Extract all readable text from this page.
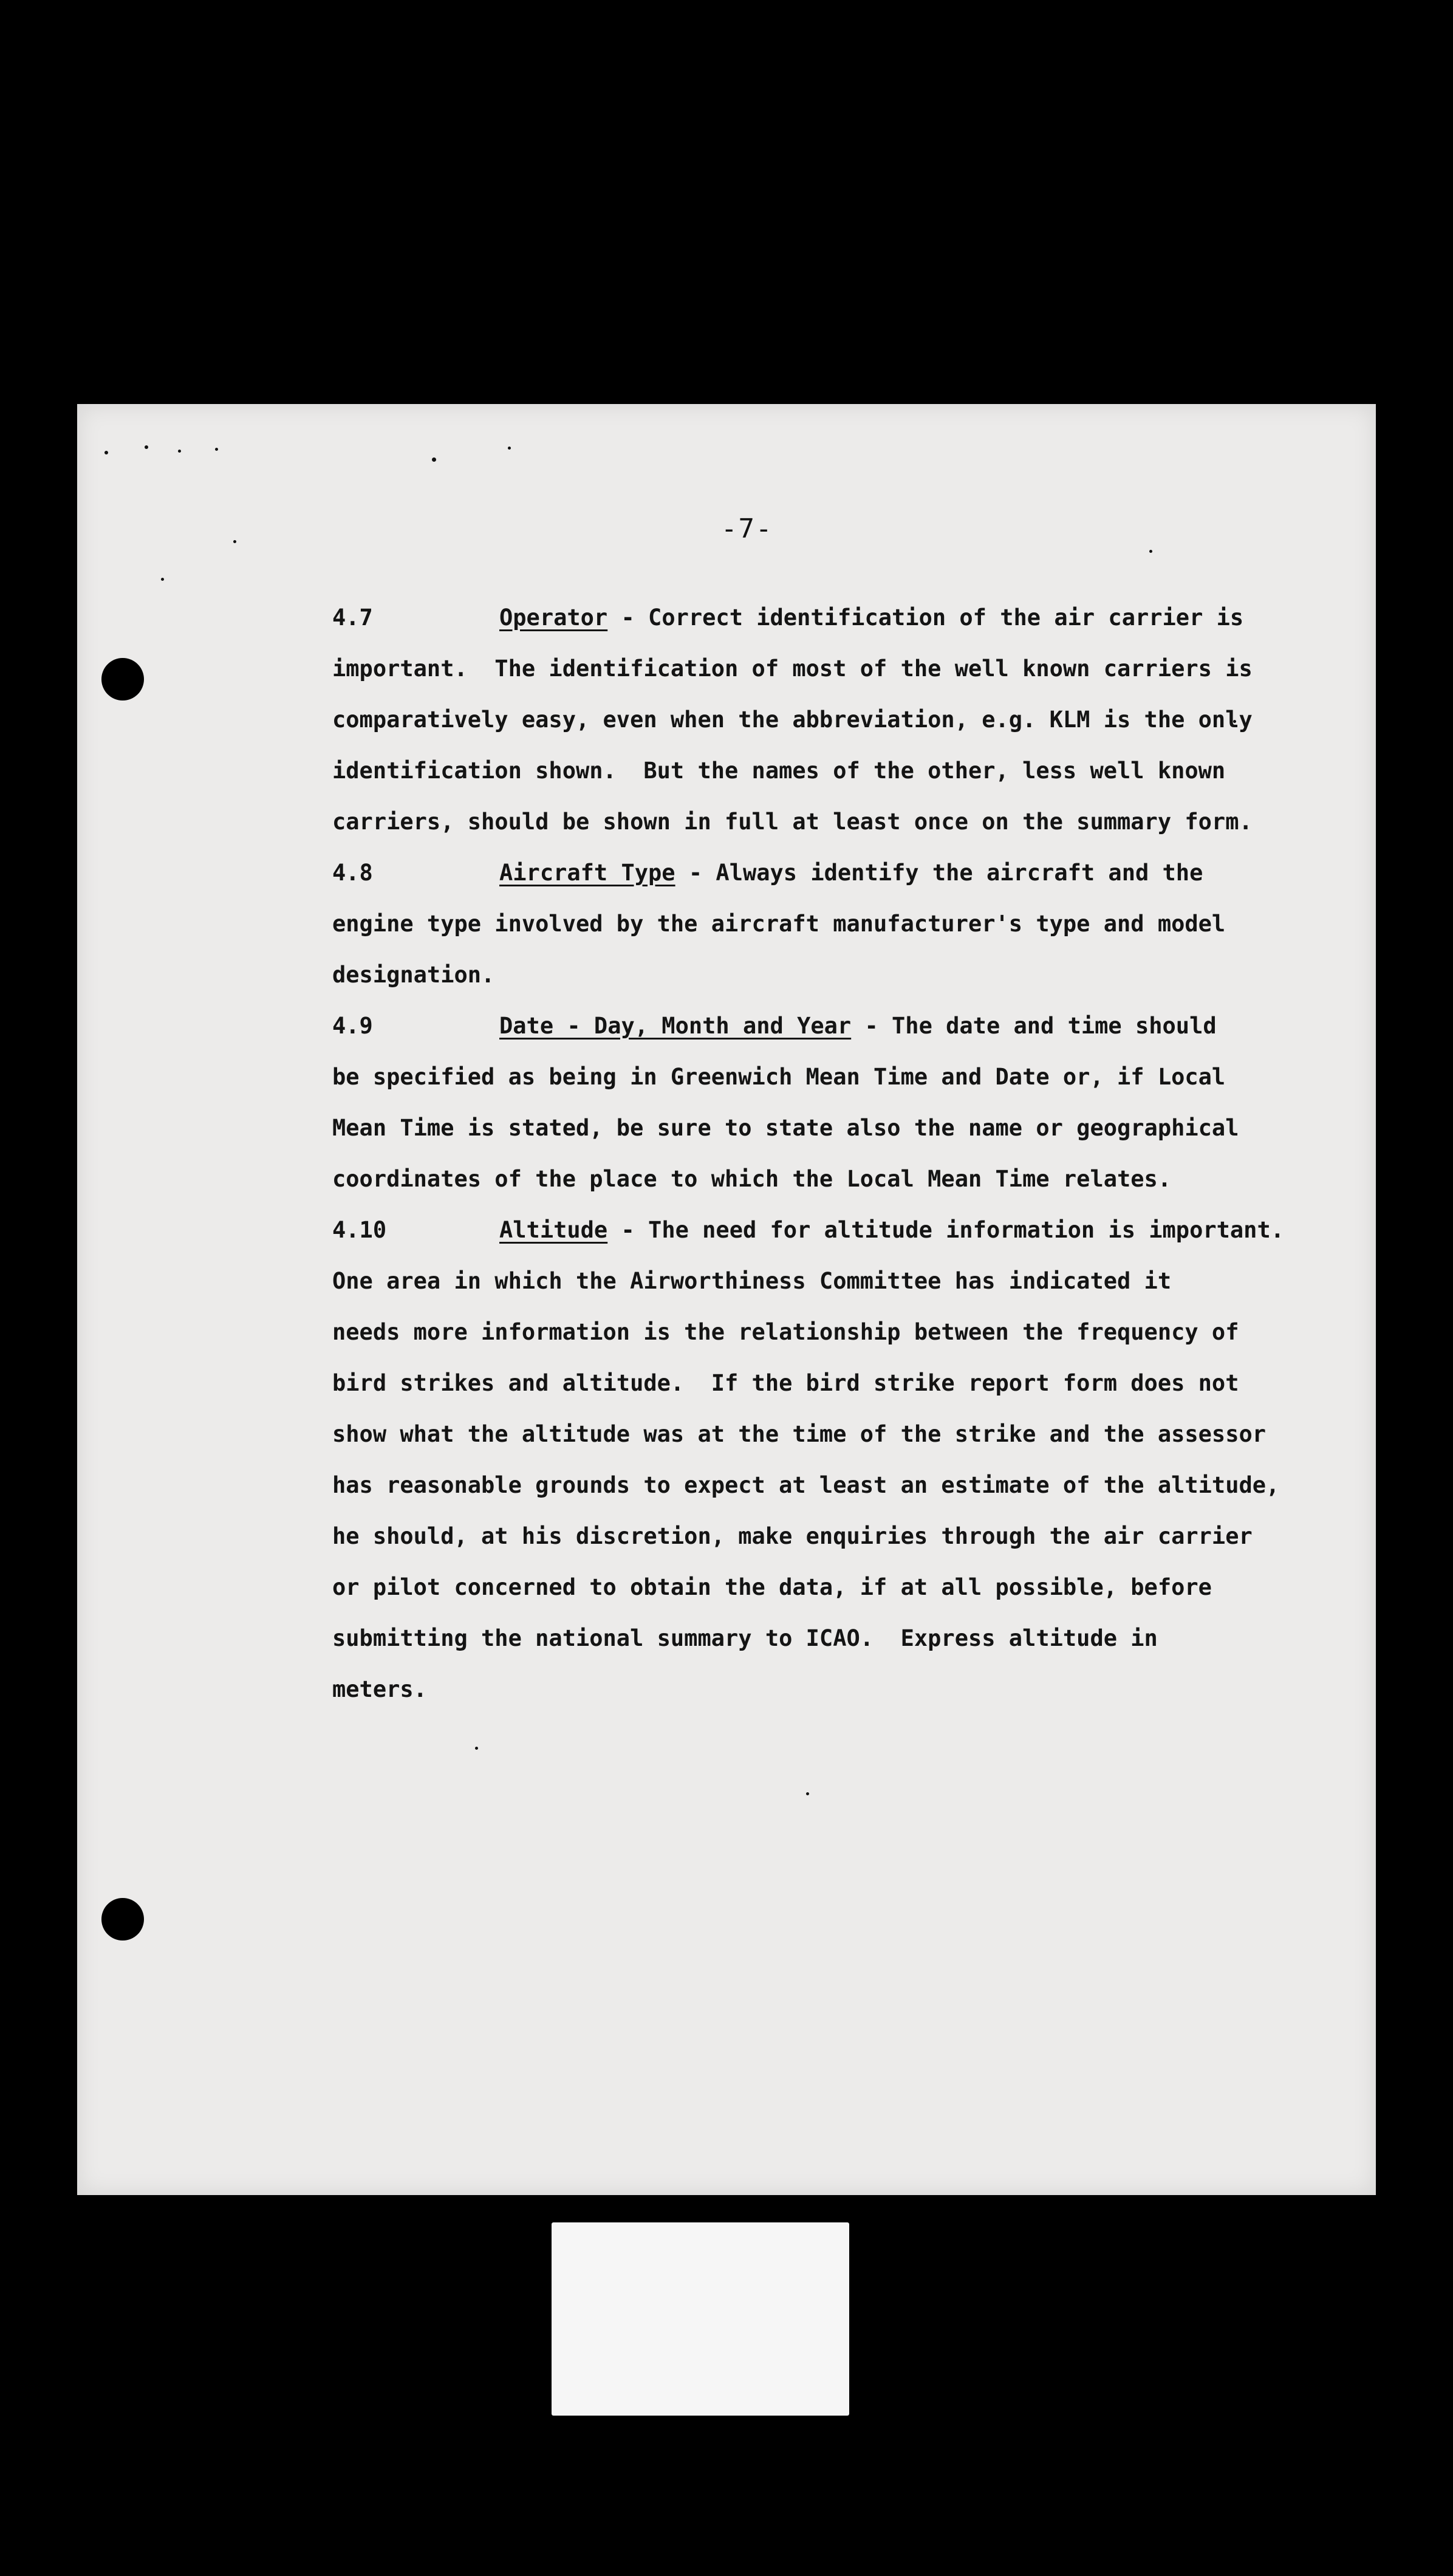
-7-
4.7	Operator - Correct identification of the air carrier is
important.  The identification of most of the well known carriers is
comparatively easy, even when the abbreviation, e.g. KLM is the only
identification shown.  But the names of the other, less well known
carriers, should be shown in full at least once on the summary form.
4.8	Aircraft Type - Always identify the aircraft and the
engine type involved by the aircraft manufacturer's type and model
designation.
4.9	Date - Day, Month and Year - The date and time should
be specified as being in Greenwich Mean Time and Date or, if Local
Mean Time is stated, be sure to state also the name or geographical
coordinates of the place to which the Local Mean Time relates.
4.10	Altitude - The need for altitude information is important.
One area in which the Airworthiness Committee has indicated it
needs more information is the relationship between the frequency of
bird strikes and altitude.  If the bird strike report form does not
show what the altitude was at the time of the strike and the assessor
has reasonable grounds to expect at least an estimate of the altitude,
he should, at his discretion, make enquiries through the air carrier
or pilot concerned to obtain the data, if at all possible, before
submitting the national summary to ICAO.  Express altitude in
meters.
